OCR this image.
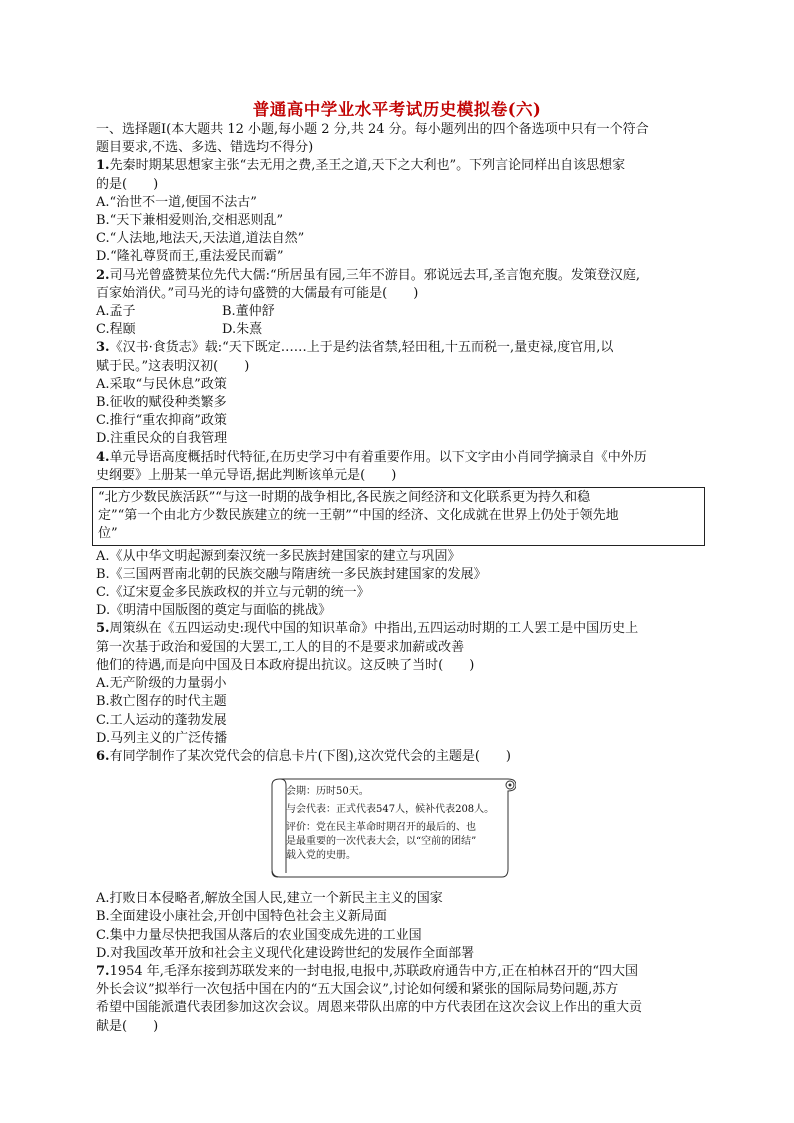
普通高中学业水平考试历史模拟卷(六)

一、选择题Ⅰ(本大题共 12 小题,每小题 2 分,共 24 分。每小题列出的四个备选项中只有一个符合
题目要求,不选、多选、错选均不得分)

1.先秦时期某思想家主张“去无用之费,圣王之道,天下之大利也”。下列言论同样出自该思想家
的是(　　)

A.“治世不一道,便国不法古”

B.“天下兼相爱则治,交相恶则乱”

C.“人法地,地法天,天法道,道法自然”

D.“隆礼尊贤而王,重法爱民而霸”

2.司马光曾盛赞某位先代大儒:“所居虽有园,三年不游目。邪说远去耳,圣言饱充腹。发策登汉庭,
百家始消伏。”司马光的诗句盛赞的大儒最有可能是(　　)

A.孟子	B.董仲舒
C.程颐	D.朱熹

3.《汉书·食货志》载:“天下既定……上于是约法省禁,轻田租,十五而税一,量吏禄,度官用,以
赋于民。”这表明汉初(　　)

A.采取“与民休息”政策

B.征收的赋役种类繁多

C.推行“重农抑商”政策

D.注重民众的自我管理

4.单元导语高度概括时代特征,在历史学习中有着重要作用。以下文字由小肖同学摘录自《中外历
史纲要》上册某一单元导语,据此判断该单元是(　　)

“北方少数民族活跃”“与这一时期的战争相比,各民族之间经济和文化联系更为持久和稳
定”“第一个由北方少数民族建立的统一王朝”“中国的经济、文化成就在世界上仍处于领先地
位”

A.《从中华文明起源到秦汉统一多民族封建国家的建立与巩固》

B.《三国两晋南北朝的民族交融与隋唐统一多民族封建国家的发展》

C.《辽宋夏金多民族政权的并立与元朝的统一》

D.《明清中国版图的奠定与面临的挑战》

5.周策纵在《五四运动史:现代中国的知识革命》中指出,五四运动时期的工人罢工是中国历史上
第一次基于政治和爱国的大罢工,工人的目的不是要求加薪或改善
他们的待遇,而是向中国及日本政府提出抗议。这反映了当时(　　)

A.无产阶级的力量弱小

B.救亡图存的时代主题

C.工人运动的蓬勃发展

D.马列主义的广泛传播

6.有同学制作了某次党代会的信息卡片(下图),这次党代会的主题是(　　)

会期：历时50天。

与会代表：正式代表547人，候补代表208人。

评价：党在民主革命时期召开的最后的、也

是最重要的一次代表大会，以“空前的团结”

载入党的史册。

A.打败日本侵略者,解放全国人民,建立一个新民主主义的国家

B.全面建设小康社会,开创中国特色社会主义新局面

C.集中力量尽快把我国从落后的农业国变成先进的工业国

D.对我国改革开放和社会主义现代化建设跨世纪的发展作全面部署

7.1954 年,毛泽东接到苏联发来的一封电报,电报中,苏联政府通告中方,正在柏林召开的“四大国
外长会议”拟举行一次包括中国在内的“五大国会议”,讨论如何缓和紧张的国际局势问题,苏方
希望中国能派遣代表团参加这次会议。周恩来带队出席的中方代表团在这次会议上作出的重大贡
献是(　　)
